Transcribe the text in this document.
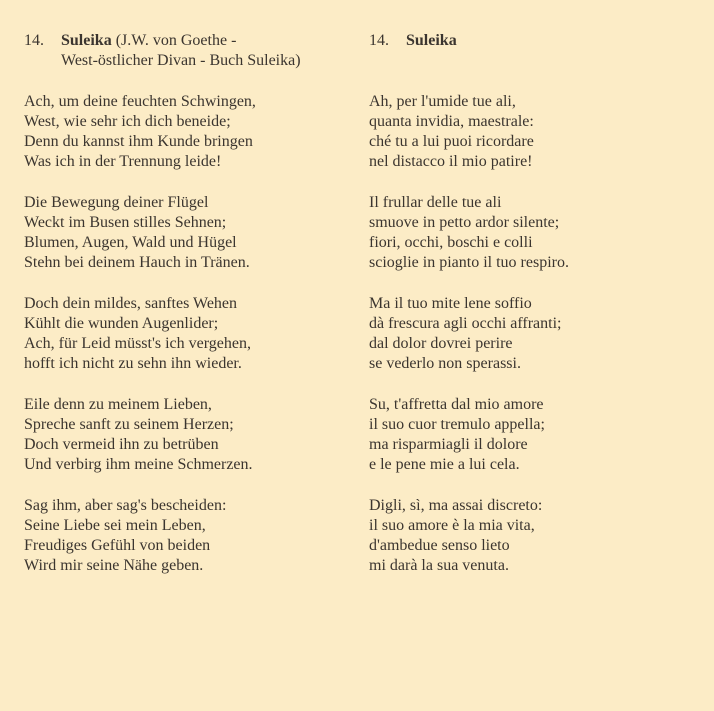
14.	Suleika (J.W. von Goethe -
West-östlicher Divan - Buch Suleika)
Ach, um deine feuchten Schwingen,
West, wie sehr ich dich beneide;
Denn du kannst ihm Kunde bringen
Was ich in der Trennung leide!
Die Bewegung deiner Flügel
Weckt im Busen stilles Sehnen;
Blumen, Augen, Wald und Hügel
Stehn bei deinem Hauch in Tränen.
Doch dein mildes, sanftes Wehen
Kühlt die wunden Augenlider;
Ach, für Leid müsst's ich vergehen,
hofft ich nicht zu sehn ihn wieder.
Eile denn zu meinem Lieben,
Spreche sanft zu seinem Herzen;
Doch vermeid ihn zu betrüben
Und verbirg ihm meine Schmerzen.
Sag ihm, aber sag's bescheiden:
Seine Liebe sei mein Leben,
Freudiges Gefühl von beiden
Wird mir seine Nähe geben.
14.	Suleika
Ah, per l'umide tue ali,
quanta invidia, maestrale:
ché tu a lui puoi ricordare
nel distacco il mio patire!
Il frullar delle tue ali
smuove in petto ardor silente;
fiori, occhi, boschi e colli
scioglie in pianto il tuo respiro.
Ma il tuo mite lene soffio
dà frescura agli occhi affranti;
dal dolor dovrei perire
se vederlo non sperassi.
Su, t'affretta dal mio amore
il suo cuor tremulo appella;
ma risparmiagli il dolore
e le pene mie a lui cela.
Digli, sì, ma assai discreto:
il suo amore è la mia vita,
d'ambedue senso lieto
mi darà la sua venuta.
